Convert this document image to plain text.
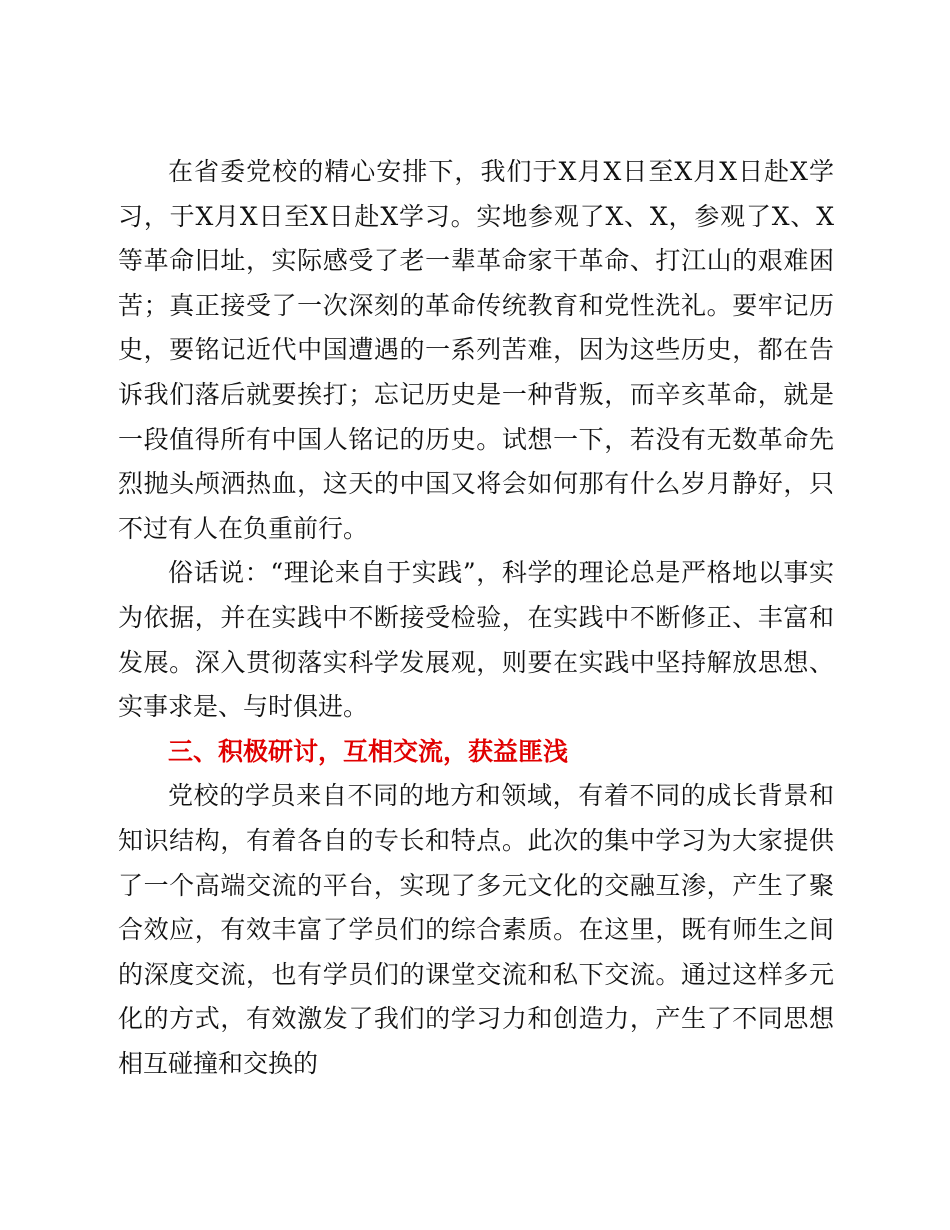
在省委党校的精心安排下，我们于X月X日至X月X日赴X学习，于X月X日至X日赴X学习。实地参观了X、X，参观了X、X等革命旧址，实际感受了老一辈革命家干革命、打江山的艰难困苦；真正接受了一次深刻的革命传统教育和党性洗礼。要牢记历史，要铭记近代中国遭遇的一系列苦难，因为这些历史，都在告诉我们落后就要挨打；忘记历史是一种背叛，而辛亥革命，就是一段值得所有中国人铭记的历史。试想一下，若没有无数革命先烈抛头颅洒热血，这天的中国又将会如何那有什么岁月静好，只不过有人在负重前行。

俗话说：“理论来自于实践”，科学的理论总是严格地以事实为依据，并在实践中不断接受检验，在实践中不断修正、丰富和发展。深入贯彻落实科学发展观，则要在实践中坚持解放思想、实事求是、与时俱进。

三、积极研讨，互相交流，获益匪浅

党校的学员来自不同的地方和领域，有着不同的成长背景和知识结构，有着各自的专长和特点。此次的集中学习为大家提供了一个高端交流的平台，实现了多元文化的交融互渗，产生了聚合效应，有效丰富了学员们的综合素质。在这里，既有师生之间的深度交流，也有学员们的课堂交流和私下交流。通过这样多元化的方式，有效激发了我们的学习力和创造力，产生了不同思想相互碰撞和交换的
